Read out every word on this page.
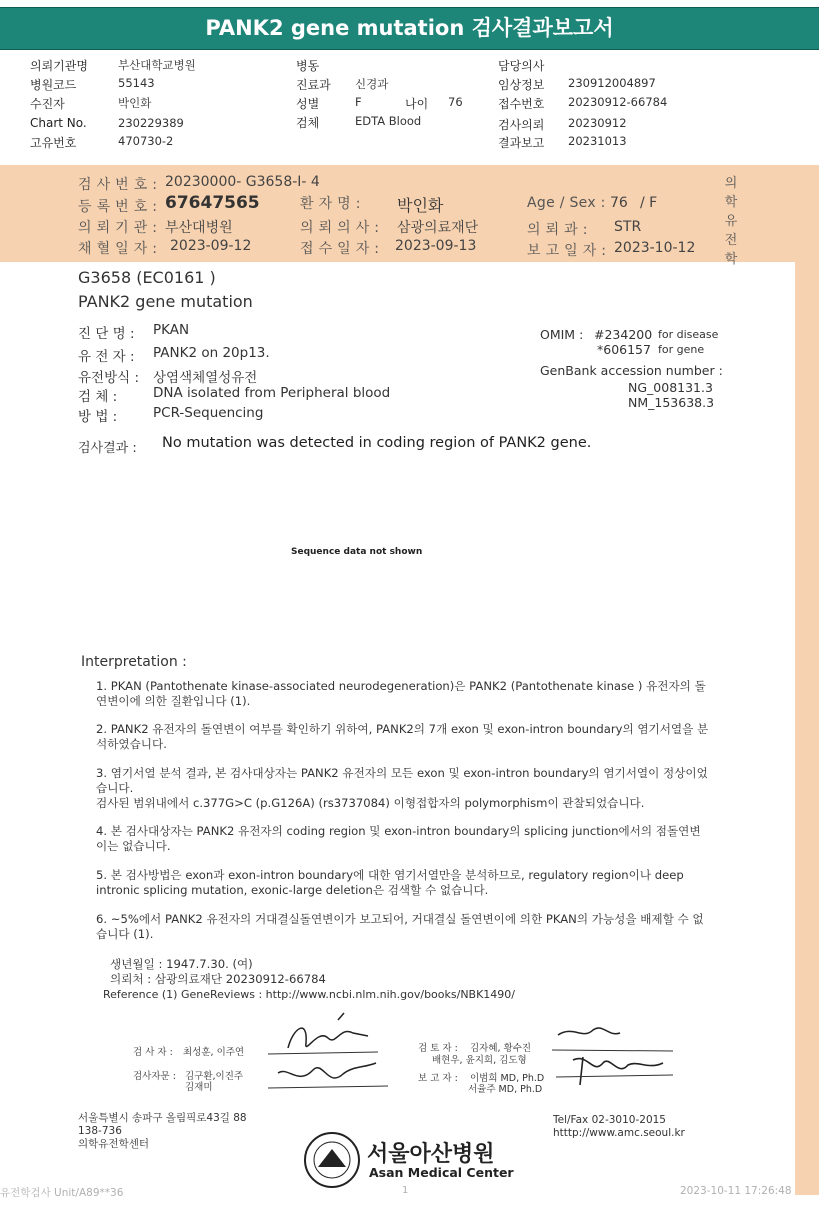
PANK2 gene mutation 검사결과보고서
의뢰기관명	부산대학교병원
병원코드	55143
수진자	박인화
Chart No.	230229389
고유번호	470730-2
병동
진료과 신경과
성별	F	나이 76
검체	EDTA Blood
담당의사
임상정보 230912004897
접수번호 20230912-66784
검사의뢰 20230912
결과보고 20231013
검 사 번 호 : 20230000- G3658-I- 4
등 록 번 호 : 67647565	환 자 명 : 박인화	Age / Sex : 76 / F
의 뢰 기 관 : 부산대병원	의 뢰 의 사 : 삼광의료재단	의 뢰 과 : STR
채 혈 일 자 : 2023-09-12	접 수 일 자 : 2023-09-13	보 고 일 자 : 2023-10-12
의학유전학
G3658 (EC0161 )
PANK2 gene mutation
진 단 명 : PKAN
유 전 자 : PANK2 on 20p13.
유전방식 : 상염색체열성유전
검 체 :	DNA isolated from Peripheral blood
방 법 :	PCR-Sequencing
OMIM : #234200 for disease
*606157 for gene
GenBank accession number :
NG_008131.3
NM_153638.3
검사결과 : No mutation was detected in coding region of PANK2 gene.
Sequence data not shown
Interpretation :
1. PKAN (Pantothenate kinase-associated neurodegeneration)은 PANK2 (Pantothenate kinase ) 유전자의 돌연변이에 의한 질환입니다 (1).
2. PANK2 유전자의 돌연변이 여부를 확인하기 위하여, PANK2의 7개 exon 및 exon-intron boundary의 염기서열을 분석하였습니다.
3. 염기서열 분석 결과, 본 검사대상자는 PANK2 유전자의 모든 exon 및 exon-intron boundary의 염기서열이 정상이었습니다.
검사된 범위내에서 c.377G>C (p.G126A) (rs3737084) 이형접합자의 polymorphism이 관찰되었습니다.
4. 본 검사대상자는 PANK2 유전자의 coding region 및 exon-intron boundary의 splicing junction에서의 점돌연변이는 없습니다.
5. 본 검사방법은 exon과 exon-intron boundary에 대한 염기서열만을 분석하므로, regulatory region이나 deep intronic splicing mutation, exonic-large deletion은 검색할 수 없습니다.
6. ~5%에서 PANK2 유전자의 거대결실돌연변이가 보고되어, 거대결실 돌연변이에 의한 PKAN의 가능성을 배제할 수 없습니다 (1).
생년월일 : 1947.7.30. (여)
의뢰처 : 삼광의료재단 20230912-66784
Reference (1) GeneReviews : http://www.ncbi.nlm.nih.gov/books/NBK1490/
검 사 자 : 최성훈, 이주연
검사자문 : 김구환,이진주
김재미
검 토 자 : 김자혜, 황수진
배현우, 윤지희, 김도형
보 고 자 : 이범희 MD, Ph.D
서율주 MD, Ph.D
서울특별시 송파구 올림픽로43길 88
138-736
의학유전학센터
Tel/Fax 02-3010-2015
htttp://www.amc.seoul.kr
서울아산병원
Asan Medical Center
유전학검사 Unit/A89**36	1	2023-10-11 17:26:48
